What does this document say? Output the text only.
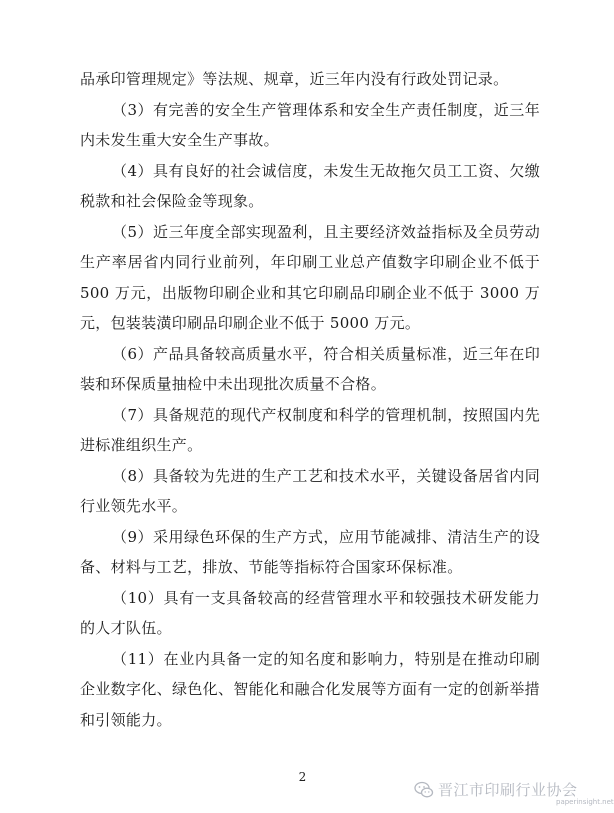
品承印管理规定》等法规、规章，近三年内没有行政处罚记录。

（3）有完善的安全生产管理体系和安全生产责任制度，近三年内未发生重大安全生产事故。

（4）具有良好的社会诚信度，未发生无故拖欠员工工资、欠缴税款和社会保险金等现象。

（5）近三年度全部实现盈利，且主要经济效益指标及全员劳动生产率居省内同行业前列，年印刷工业总产值数字印刷企业不低于 500 万元，出版物印刷企业和其它印刷品印刷企业不低于 3000 万元，包装装潢印刷品印刷企业不低于 5000 万元。

（6）产品具备较高质量水平，符合相关质量标准，近三年在印装和环保质量抽检中未出现批次质量不合格。

（7）具备规范的现代产权制度和科学的管理机制，按照国内先进标准组织生产。

（8）具备较为先进的生产工艺和技术水平，关键设备居省内同行业领先水平。

（9）采用绿色环保的生产方式，应用节能减排、清洁生产的设备、材料与工艺，排放、节能等指标符合国家环保标准。

（10）具有一支具备较高的经营管理水平和较强技术研发能力的人才队伍。

（11）在业内具备一定的知名度和影响力，特别是在推动印刷企业数字化、绿色化、智能化和融合化发展等方面有一定的创新举措和引领能力。

2
晋江市印刷行业协会
paperinsight.net
